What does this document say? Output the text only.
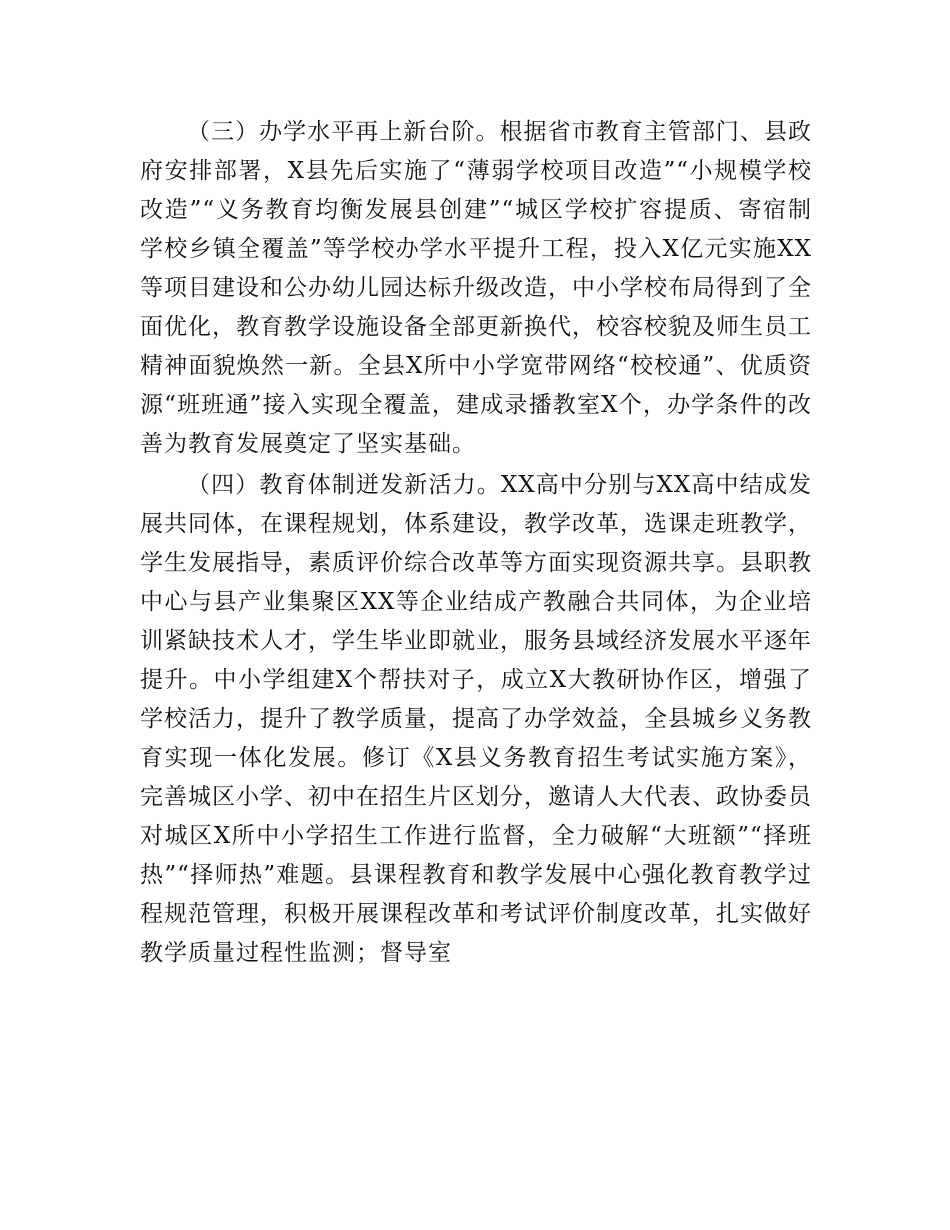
（三）办学水平再上新台阶。根据省市教育主管部门、县政府安排部署，X县先后实施了“薄弱学校项目改造”“小规模学校改造”“义务教育均衡发展县创建”“城区学校扩容提质、寄宿制学校乡镇全覆盖”等学校办学水平提升工程，投入X亿元实施XX等项目建设和公办幼儿园达标升级改造，中小学校布局得到了全面优化，教育教学设施设备全部更新换代，校容校貌及师生员工精神面貌焕然一新。全县X所中小学宽带网络“校校通”、优质资源“班班通”接入实现全覆盖，建成录播教室X个，办学条件的改善为教育发展奠定了坚实基础。

（四）教育体制迸发新活力。XX高中分别与XX高中结成发展共同体，在课程规划，体系建设，教学改革，选课走班教学，学生发展指导，素质评价综合改革等方面实现资源共享。县职教中心与县产业集聚区XX等企业结成产教融合共同体，为企业培训紧缺技术人才，学生毕业即就业，服务县域经济发展水平逐年提升。中小学组建X个帮扶对子，成立X大教研协作区，增强了学校活力，提升了教学质量，提高了办学效益，全县城乡义务教育实现一体化发展。修订《X县义务教育招生考试实施方案》，完善城区小学、初中在招生片区划分，邀请人大代表、政协委员对城区X所中小学招生工作进行监督，全力破解“大班额”“择班热”“择师热”难题。县课程教育和教学发展中心强化教育教学过程规范管理，积极开展课程改革和考试评价制度改革，扎实做好教学质量过程性监测；督导室
